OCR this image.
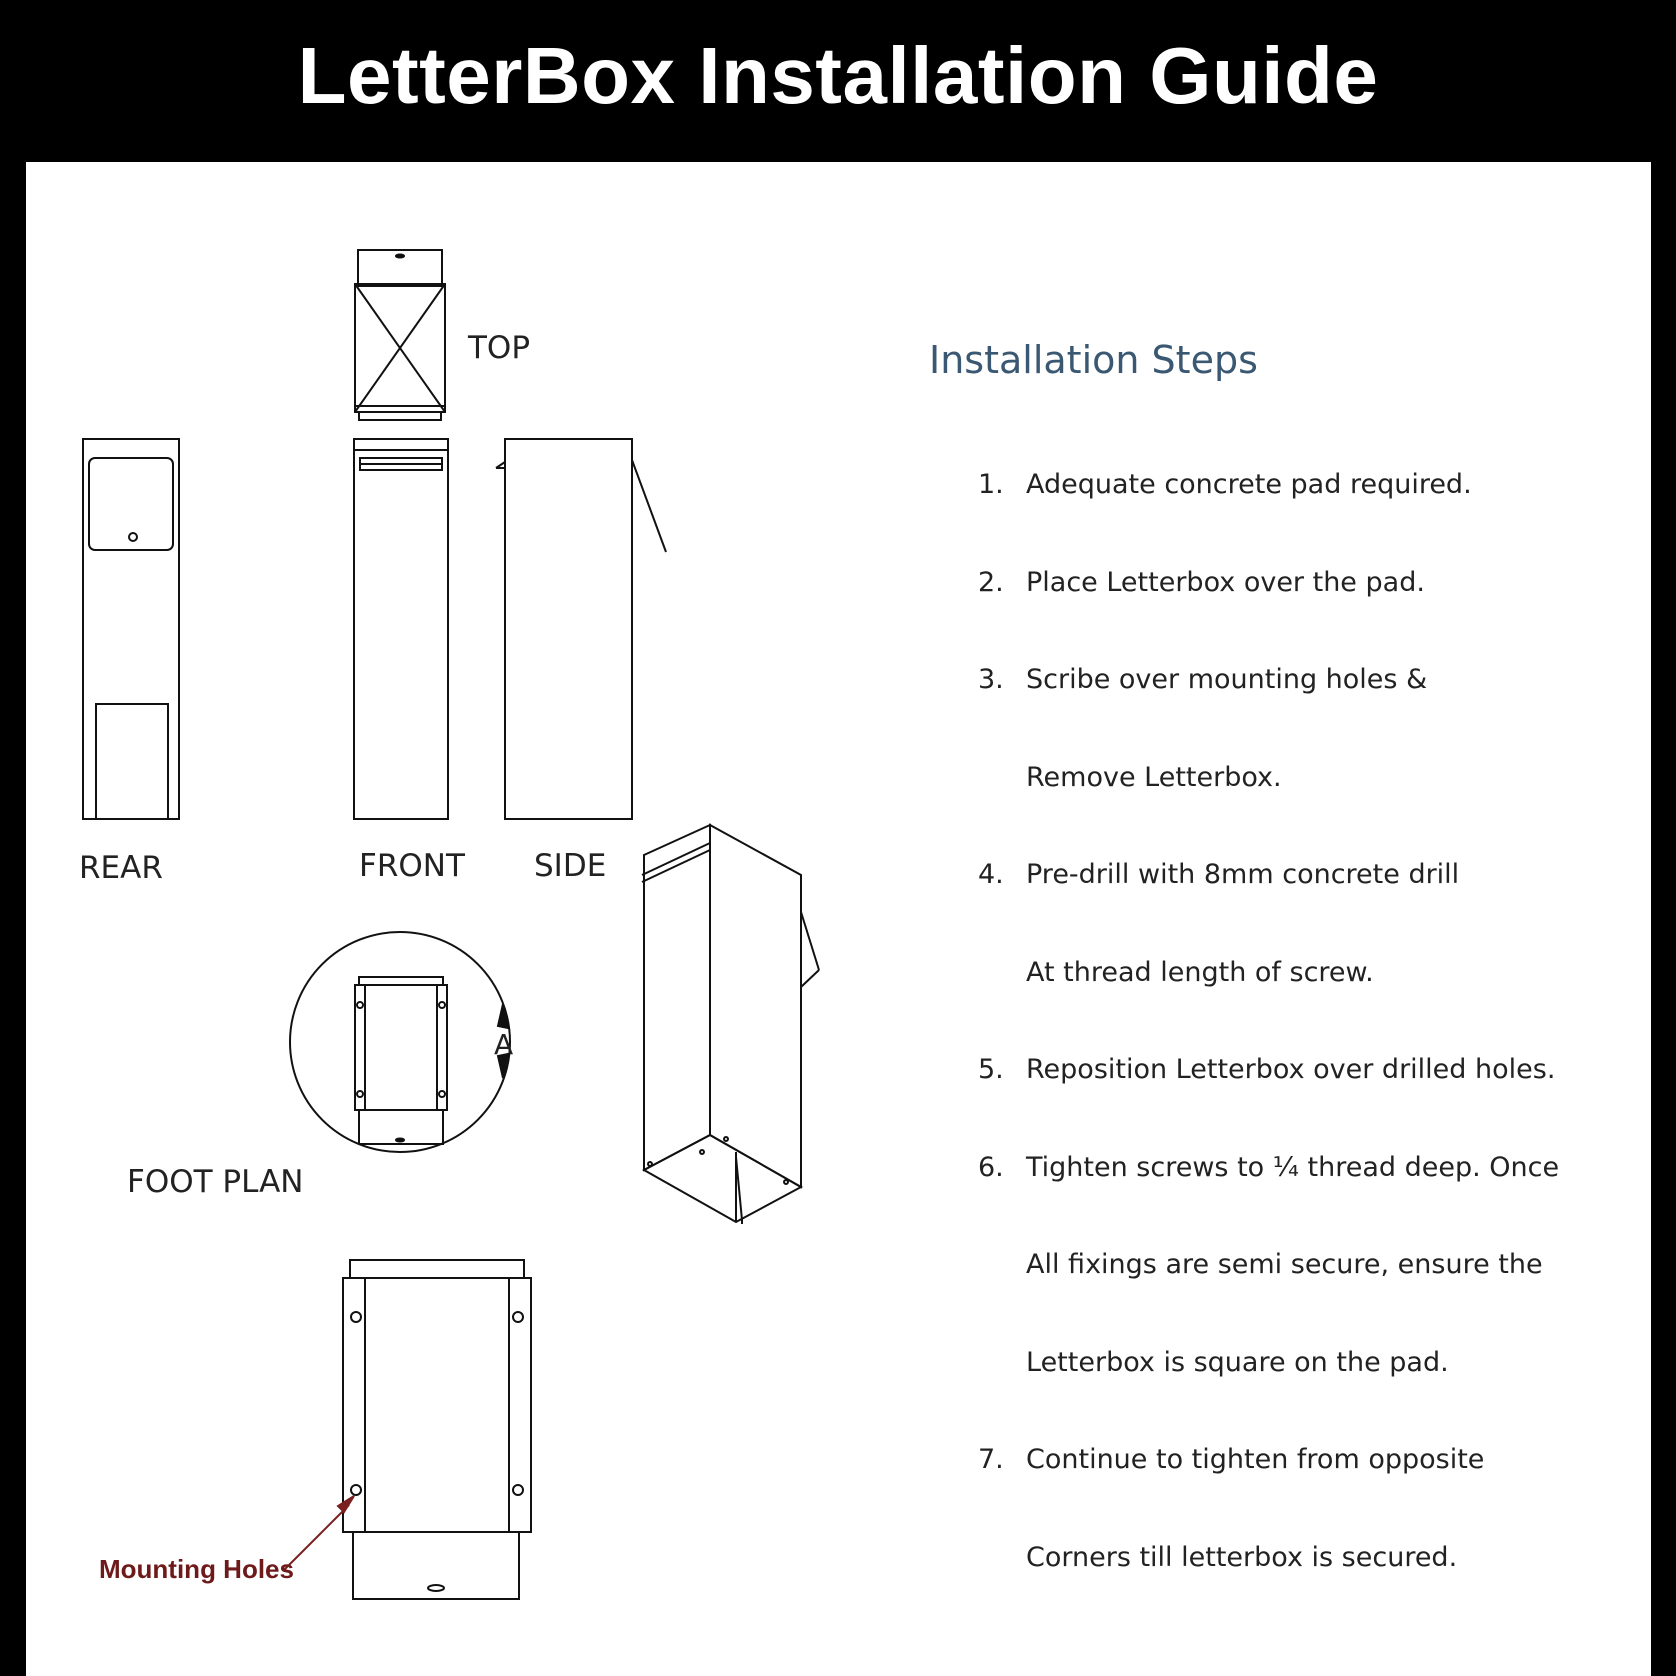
LetterBox Installation Guide
TOP
REAR	FRONT SIDE
A
FOOT PLAN
Installation Steps
1. Adequate concrete pad required.
2. Place Letterbox over the pad.
3. Scribe over mounting holes &
Remove Letterbox.
4. Pre-drill with 8mm concrete drill
At thread length of screw.
5. Reposition Letterbox over drilled holes.
6. Tighten screws to ¼ thread deep. Once
All fixings are semi secure, ensure the
Letterbox is square on the pad.
7. Continue to tighten from opposite
Corners till letterbox is secured.
Mounting Holes
